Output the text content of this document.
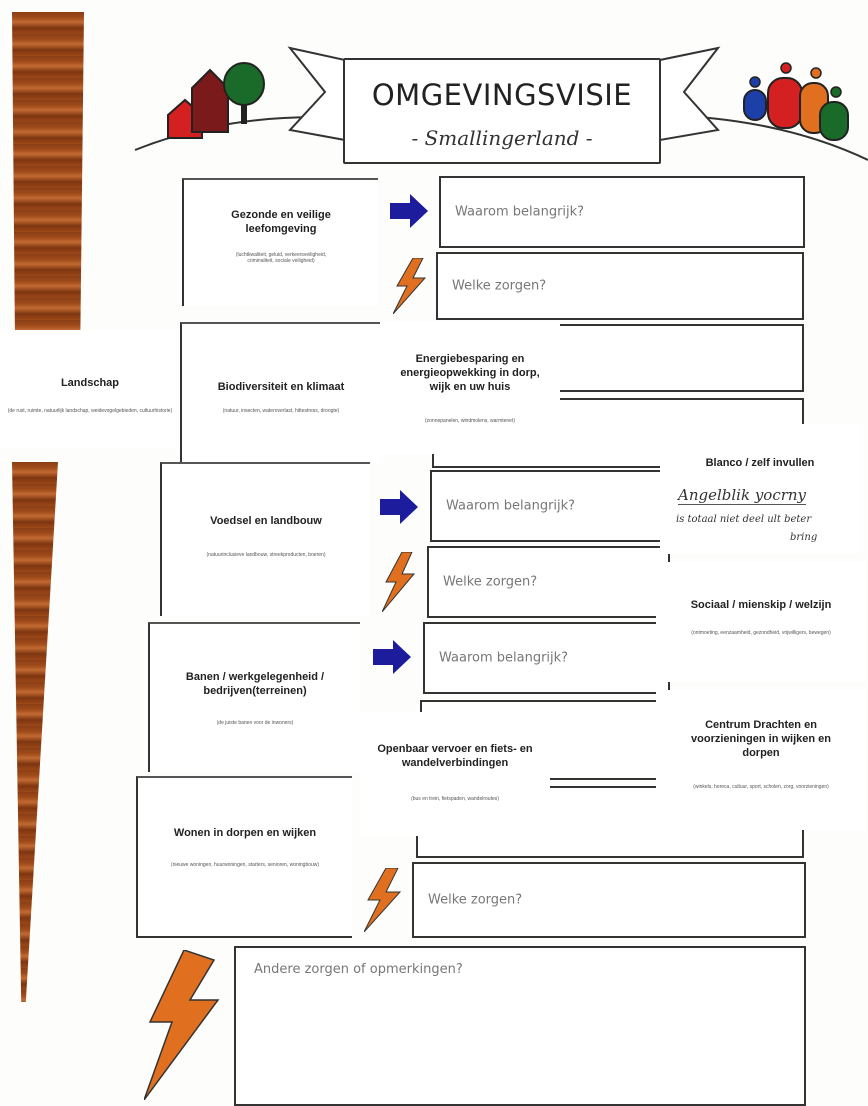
OMGEVINGSVISIE
- Smallingerland -
Waarom belangrijk?
Welke zorgen?
Waarom belangrijk?
Welke zorgen?
Waarom belangrijk?
Welke zorgen?
Andere zorgen of opmerkingen?
Gezonde en veilige leefomgeving
(luchtkwaliteit, geluid, verkeersveiligheid, criminaliteit, sociale veiligheid)
Landschap
(de rust, ruimte, natuurlijk landschap, weidevogelgebieden, cultuurhistorie)
Biodiversiteit en klimaat
(natuur, insecten, wateroverlast, hittestress, droogte)
Energiebesparing en energieopwekking in dorp, wijk en uw huis
(zonnepanelen, windmolens, warmtenet)
Blanco / zelf invullen
Angelblik yocrny
is totaal niet deel ult beter
bring
Voedsel en landbouw
(natuurinclusieve landbouw, streekproducten, boeren)
Sociaal / mienskip / welzijn
(ontmoeting, eenzaamheid, gezondheid, vrijwilligers, bewegen)
Banen / werkgelegenheid / bedrijven(terreinen)
(de juiste banen voor de inwoners)	Centrum Drachten en voorzieningen in wijken en dorpen
(winkels, horeca, cultuur, sport, scholen, zorg, voorzieningen)
Openbaar vervoer en fiets- en wandelverbindingen
(bus en trein, fietspaden, wandelroutes)
Wonen in dorpen en wijken
(nieuwe woningen, huurwoningen, starters, senioren, woningbouw)
